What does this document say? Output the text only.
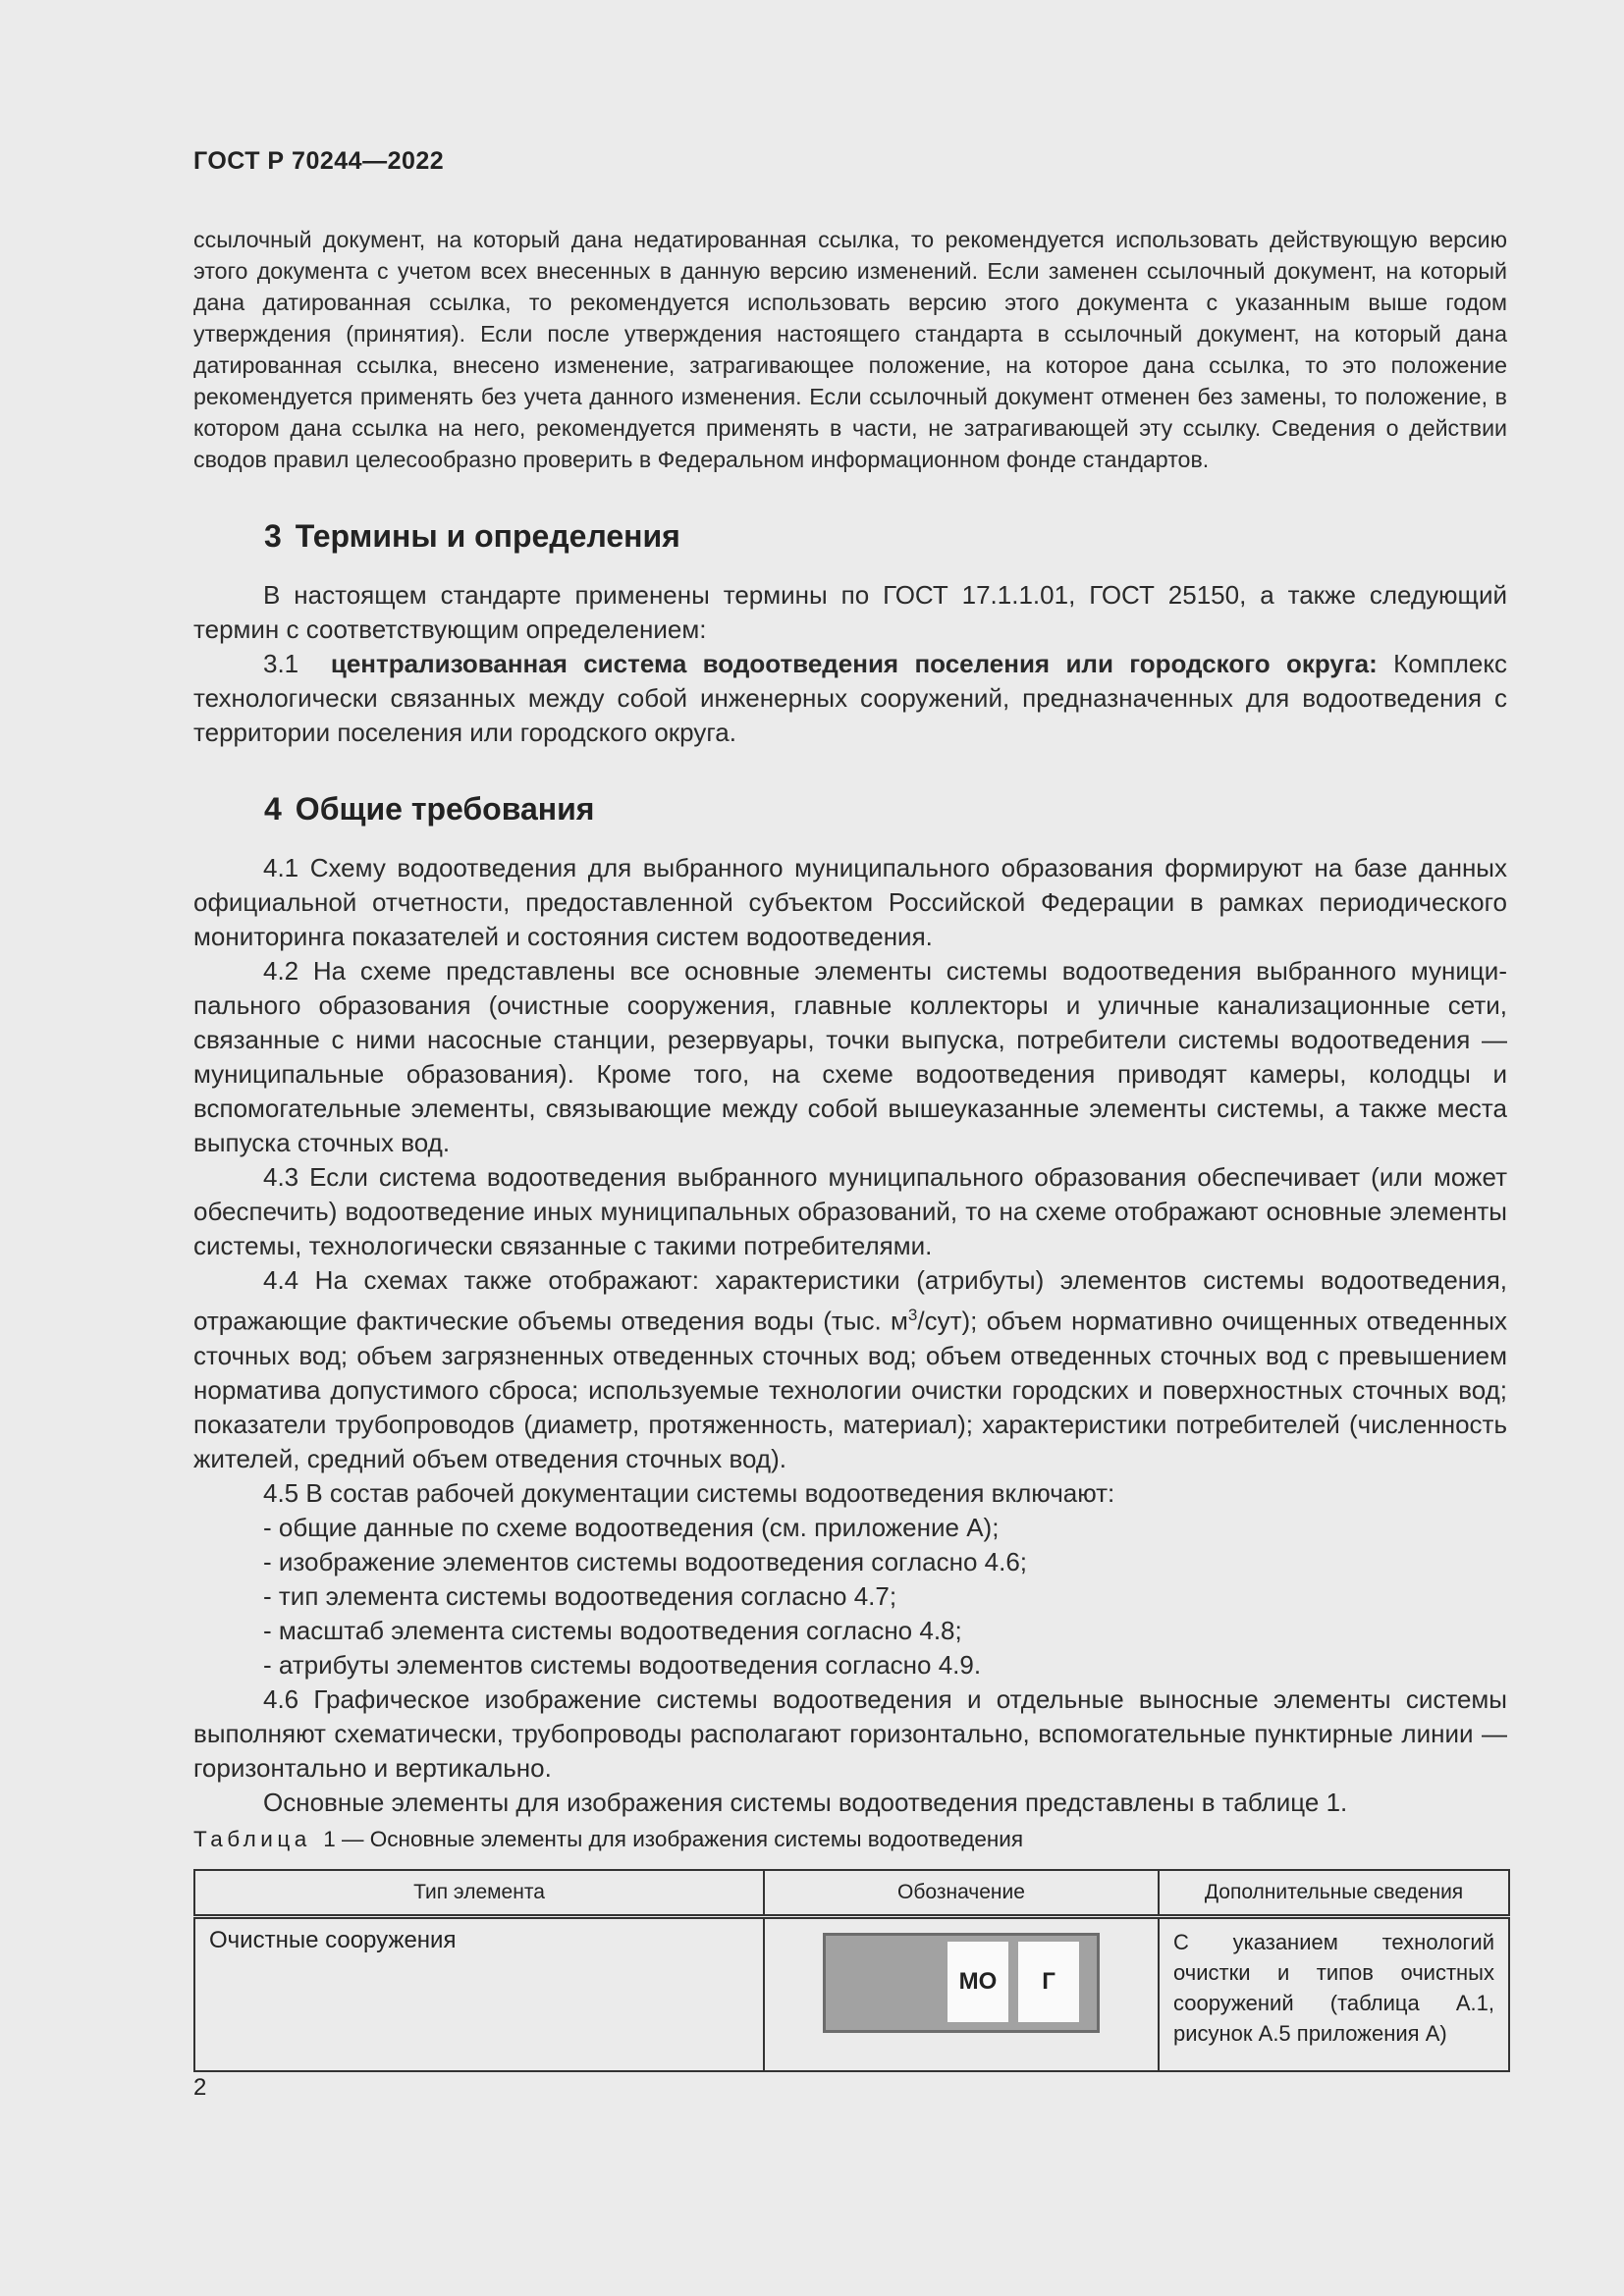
ГОСТ Р 70244—2022

ссылочный документ, на который дана недатированная ссылка, то рекомендуется использовать действующую версию этого документа с учетом всех внесенных в данную версию изменений. Если заменен ссылочный документ, на который дана датированная ссылка, то рекомендуется использовать версию этого документа с указанным выше годом утверждения (принятия). Если после утверждения настоящего стандарта в ссылочный документ, на который дана датированная ссылка, внесено изменение, затрагивающее положение, на которое дана ссылка, то это положение рекомендуется применять без учета данного изменения. Если ссылочный документ отменен без замены, то положение, в котором дана ссылка на него, рекомендуется применять в части, не затрагивающей эту ссылку. Сведения о действии сводов правил целесообразно проверить в Федеральном информационном фонде стандартов.

3 Термины и определения

В настоящем стандарте применены термины по ГОСТ 17.1.1.01, ГОСТ 25150, а также следующий термин с соответствующим определением:

3.1 централизованная система водоотведения поселения или городского округа: Комплекс технологически связанных между собой инженерных сооружений, предназначенных для водоотведения с территории поселения или городского округа.

4 Общие требования

4.1 Схему водоотведения для выбранного муниципального образования формируют на базе данных официальной отчетности, предоставленной субъектом Российской Федерации в рамках периодического мониторинга показателей и состояния систем водоотведения.

4.2 На схеме представлены все основные элементы системы водоотведения выбранного муниципального образования (очистные сооружения, главные коллекторы и уличные канализационные сети, связанные с ними насосные станции, резервуары, точки выпуска, потребители системы водоотведения — муниципальные образования). Кроме того, на схеме водоотведения приводят камеры, колодцы и вспомогательные элементы, связывающие между собой вышеуказанные элементы системы, а также места выпуска сточных вод.

4.3 Если система водоотведения выбранного муниципального образования обеспечивает (или может обеспечить) водоотведение иных муниципальных образований, то на схеме отображают основные элементы системы, технологически связанные с такими потребителями.

4.4 На схемах также отображают: характеристики (атрибуты) элементов системы водоотведения, отражающие фактические объемы отведения воды (тыс. $м^3/сут$); объем нормативно очищенных отведенных сточных вод; объем загрязненных отведенных сточных вод; объем отведенных сточных вод с превышением норматива допустимого сброса; используемые технологии очистки городских и поверхностных сточных вод; показатели трубопроводов (диаметр, протяженность, материал); характеристики потребителей (численность жителей, средний объем отведения сточных вод).

4.5 В состав рабочей документации системы водоотведения включают:

- общие данные по схеме водоотведения (см. приложение А);

- изображение элементов системы водоотведения согласно 4.6;

- тип элемента системы водоотведения согласно 4.7;

- масштаб элемента системы водоотведения согласно 4.8;

- атрибуты элементов системы водоотведения согласно 4.9.

4.6 Графическое изображение системы водоотведения и отдельные выносные элементы системы выполняют схематически, трубопроводы располагают горизонтально, вспомогательные пунктирные линии — горизонтально и вертикально.

Основные элементы для изображения системы водоотведения представлены в таблице 1.

Таблица 1 — Основные элементы для изображения системы водоотведения
Тип элемента	Обозначение	Дополнительные сведения
Очистные сооружения	МО Г	С указанием технологий очистки и типов очистных сооружений (таблица А.1, рисунок А.5 приложения А)
2
